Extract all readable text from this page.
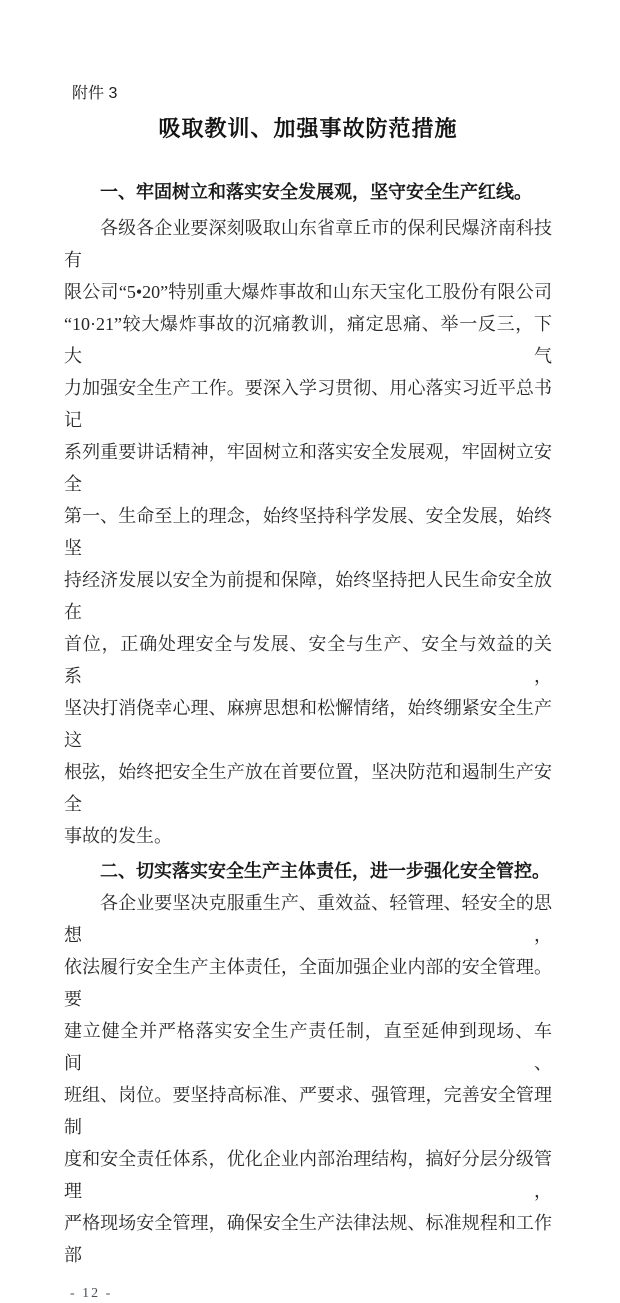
附件 3
吸取教训、加强事故防范措施
一、牢固树立和落实安全发展观，坚守安全生产红线。
各级各企业要深刻吸取山东省章丘市的保利民爆济南科技有
限公司“5•20”特别重大爆炸事故和山东天宝化工股份有限公司
“10·21”较大爆炸事故的沉痛教训，痛定思痛、举一反三，下大气
力加强安全生产工作。要深入学习贯彻、用心落实习近平总书记
系列重要讲话精神，牢固树立和落实安全发展观，牢固树立安全
第一、生命至上的理念，始终坚持科学发展、安全发展，始终坚
持经济发展以安全为前提和保障，始终坚持把人民生命安全放在
首位，正确处理安全与发展、安全与生产、安全与效益的关系，
坚决打消侥幸心理、麻痹思想和松懈情绪，始终绷紧安全生产这
根弦，始终把安全生产放在首要位置，坚决防范和遏制生产安全
事故的发生。
二、切实落实安全生产主体责任，进一步强化安全管控。
各企业要坚决克服重生产、重效益、轻管理、轻安全的思想，
依法履行安全生产主体责任，全面加强企业内部的安全管理。要
建立健全并严格落实安全生产责任制，直至延伸到现场、车间、
班组、岗位。要坚持高标准、严要求、强管理，完善安全管理制
度和安全责任体系，优化企业内部治理结构，搞好分层分级管理，
严格现场安全管理，确保安全生产法律法规、标准规程和工作部
- 12 -
